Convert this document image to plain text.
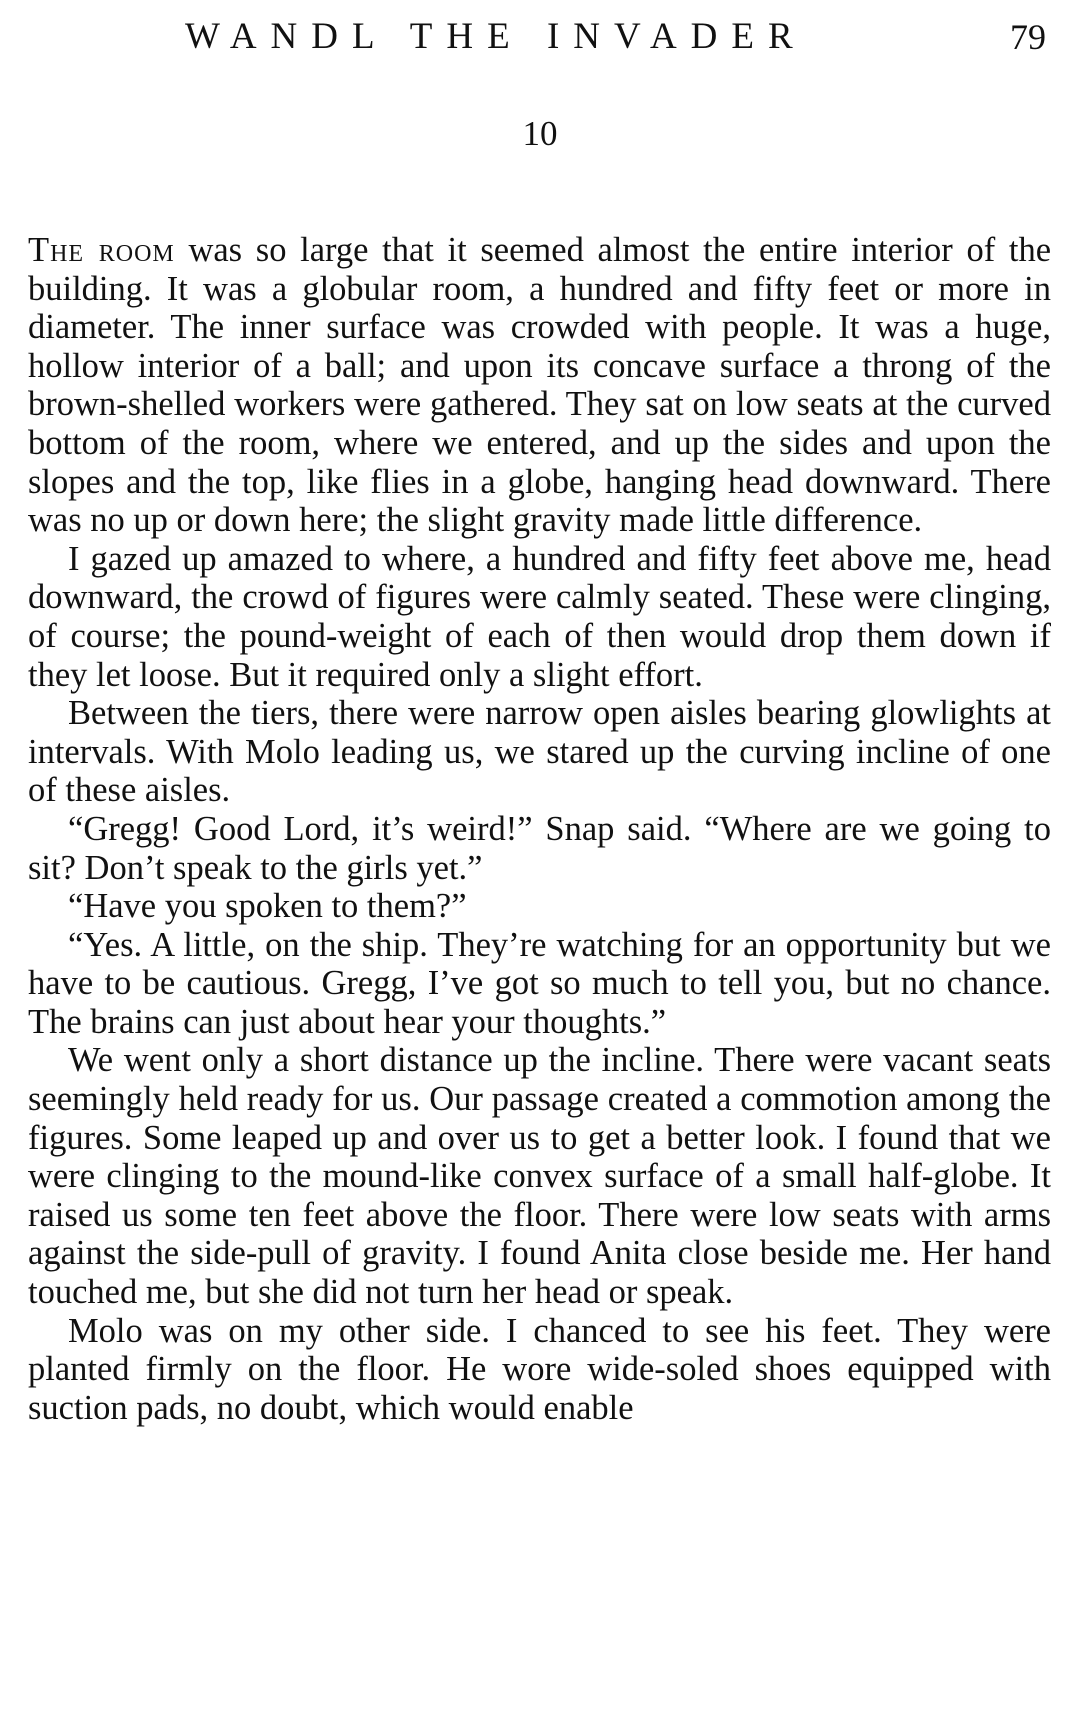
WANDL THE INVADER	79
10

The room was so large that it seemed almost the entire interior of the building. It was a globular room, a hundred and fifty feet or more in diameter. The inner surface was crowded with people. It was a huge, hollow interior of a ball; and upon its concave surface a throng of the brown-shelled workers were gathered. They sat on low seats at the curved bottom of the room, where we entered, and up the sides and upon the slopes and the top, like flies in a globe, hanging head downward. There was no up or down here; the slight gravity made little difference.

I gazed up amazed to where, a hundred and fifty feet above me, head downward, the crowd of figures were calmly seated. These were clinging, of course; the pound-weight of each of then would drop them down if they let loose. But it required only a slight effort.

Between the tiers, there were narrow open aisles bearing glowlights at intervals. With Molo leading us, we stared up the curving incline of one of these aisles.

“Gregg! Good Lord, it’s weird!” Snap said. “Where are we going to sit? Don’t speak to the girls yet.”

“Have you spoken to them?”

“Yes. A little, on the ship. They’re watching for an opportunity but we have to be cautious. Gregg, I’ve got so much to tell you, but no chance. The brains can just about hear your thoughts.”

We went only a short distance up the incline. There were vacant seats seemingly held ready for us. Our passage created a commotion among the figures. Some leaped up and over us to get a better look. I found that we were clinging to the mound-like convex surface of a small half-globe. It raised us some ten feet above the floor. There were low seats with arms against the side-pull of gravity. I found Anita close beside me. Her hand touched me, but she did not turn her head or speak.

Molo was on my other side. I chanced to see his feet. They were planted firmly on the floor. He wore wide-soled shoes equipped with suction pads, no doubt, which would enable
